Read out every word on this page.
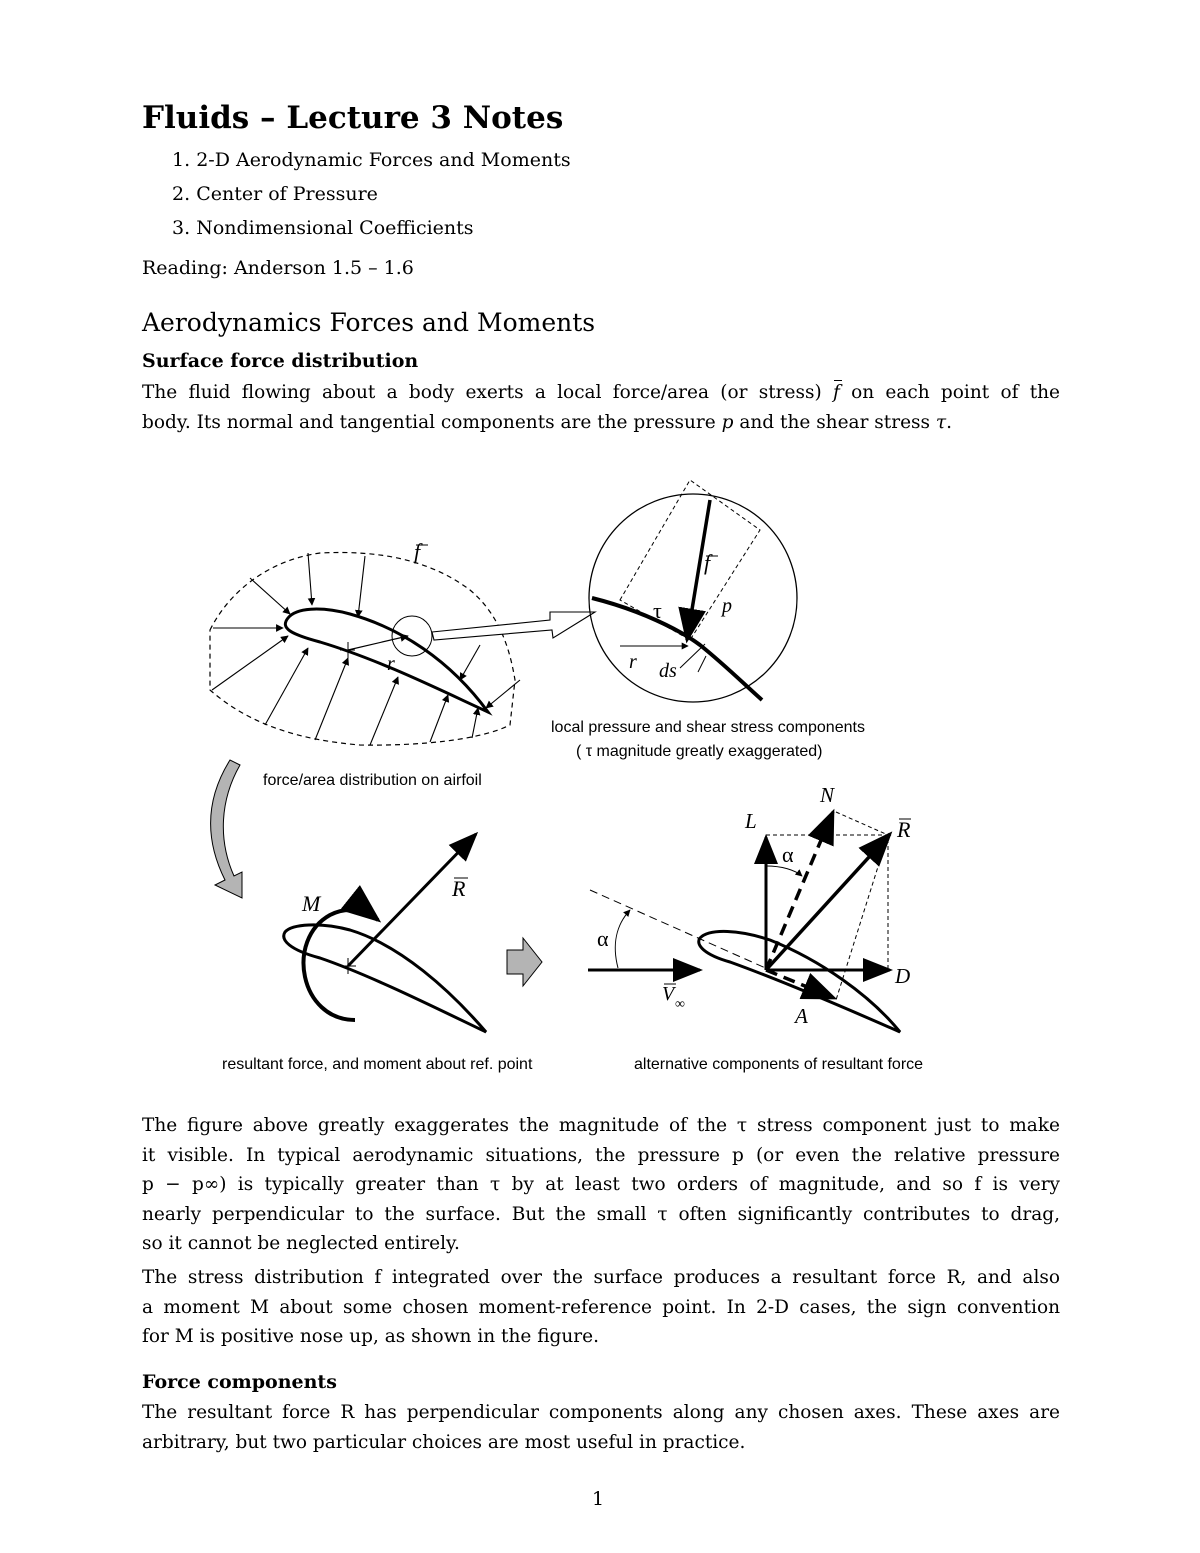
Fluids – Lecture 3 Notes
1. 2-D Aerodynamic Forces and Moments
2. Center of Pressure
3. Nondimensional Coefficients
Reading: Anderson 1.5 – 1.6
Aerodynamics Forces and Moments
Surface force distribution
The fluid flowing about a body exerts a local force/area (or stress) f on each point of the
body. Its normal and tangential components are the pressure p and the shear stress τ.
f
r
f
τ	p
r ds
R
M
α
V ∞
α
L
N
R
D
A
local pressure and shear stress components
( τ magnitude greatly exaggerated)
force/area distribution on airfoil
resultant force, and moment about ref. point	alternative components of resultant force
The figure above greatly exaggerates the magnitude of the τ stress component just to make
it visible. In typical aerodynamic situations, the pressure p (or even the relative pressure
p − p∞) is typically greater than τ by at least two orders of magnitude, and so f is very
nearly perpendicular to the surface. But the small τ often significantly contributes to drag,
so it cannot be neglected entirely.
The stress distribution f integrated over the surface produces a resultant force R, and also
a moment M about some chosen moment-reference point. In 2-D cases, the sign convention
for M is positive nose up, as shown in the figure.
Force components
The resultant force R has perpendicular components along any chosen axes. These axes are
arbitrary, but two particular choices are most useful in practice.
1
